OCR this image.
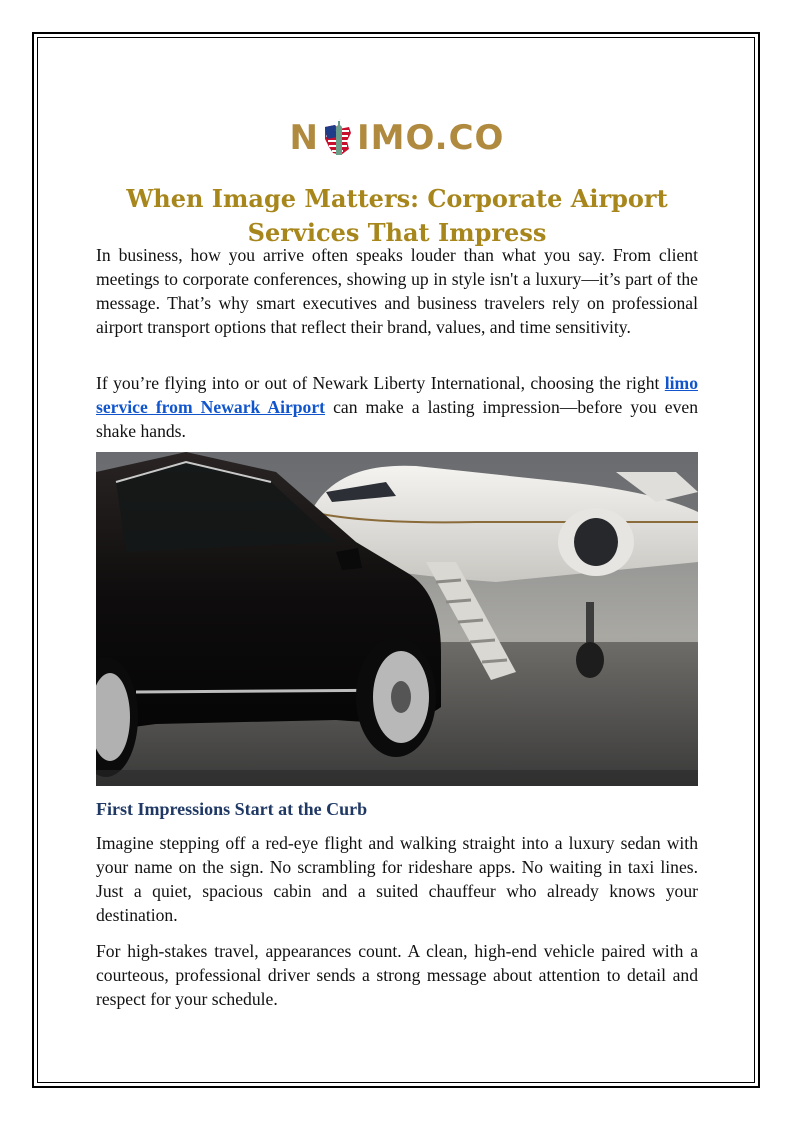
N IMO.CO
When Image Matters: Corporate Airport Services That Impress

In business, how you arrive often speaks louder than what you say. From client meetings to corporate conferences, showing up in style isn't a luxury—it’s part of the message. That’s why smart executives and business travelers rely on professional airport transport options that reflect their brand, values, and time sensitivity.

If you’re flying into or out of Newark Liberty International, choosing the right limo service from Newark Airport can make a lasting impression—before you even shake hands.

First Impressions Start at the Curb

Imagine stepping off a red-eye flight and walking straight into a luxury sedan with your name on the sign. No scrambling for rideshare apps. No waiting in taxi lines. Just a quiet, spacious cabin and a suited chauffeur who already knows your destination.

For high-stakes travel, appearances count. A clean, high-end vehicle paired with a courteous, professional driver sends a strong message about attention to detail and respect for your schedule.
